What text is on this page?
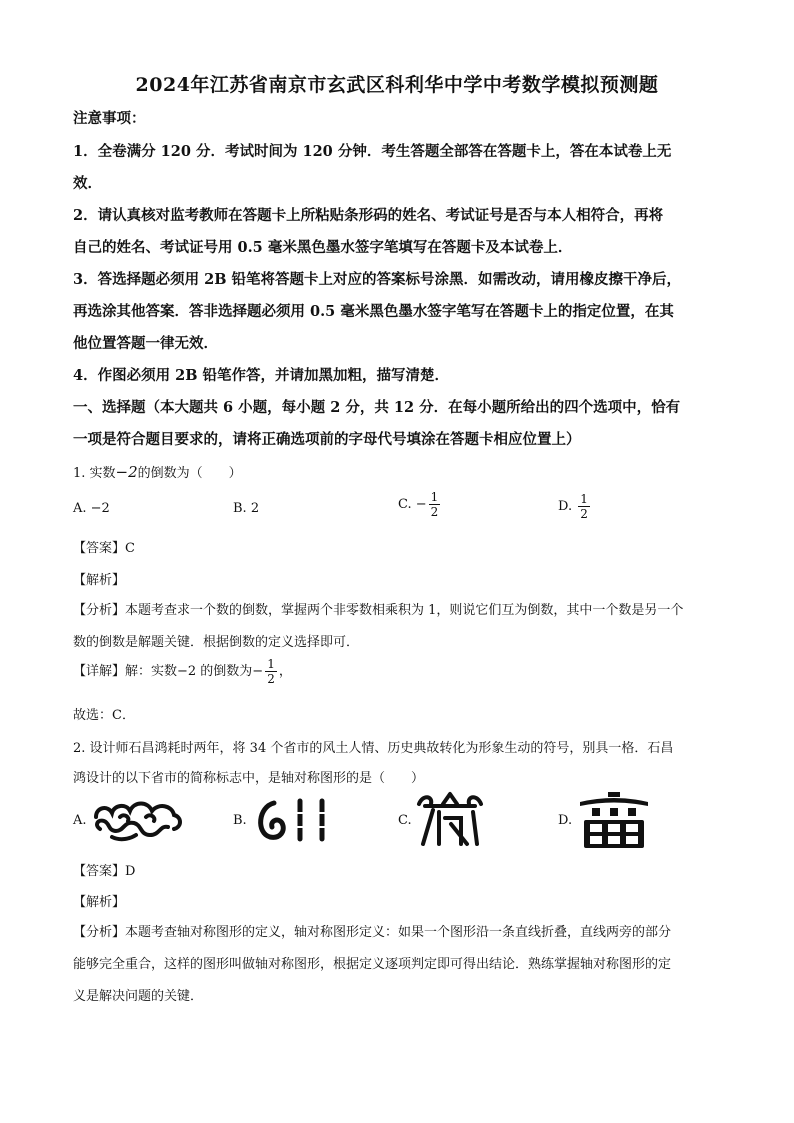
2024年江苏省南京市玄武区科利华中学中考数学模拟预测题
注意事项：
1．全卷满分 120 分．考试时间为 120 分钟．考生答题全部答在答题卡上，答在本试卷上无
效．
2．请认真核对监考教师在答题卡上所粘贴条形码的姓名、考试证号是否与本人相符合，再将
自己的姓名、考试证号用 0.5 毫米黑色墨水签字笔填写在答题卡及本试卷上．
3．答选择题必须用 2B 铅笔将答题卡上对应的答案标号涂黑．如需改动，请用橡皮擦干净后，
再选涂其他答案．答非选择题必须用 0.5 毫米黑色墨水签字笔写在答题卡上的指定位置，在其
他位置答题一律无效．
4．作图必须用 2B 铅笔作答，并请加黑加粗，描写清楚．
一、选择题（本大题共 6 小题，每小题 2 分，共 12 分．在每小题所给出的四个选项中，恰有
一项是符合题目要求的，请将正确选项前的字母代号填涂在答题卡相应位置上）
1. 实数−2的倒数为（　　）
A. −2	B. 2	C. − $\frac{1}{2}$	D. $\frac{1}{2}$
【答案】C
【解析】
【分析】本题考查求一个数的倒数，掌握两个非零数相乘积为 1，则说它们互为倒数，其中一个数是另一个
数的倒数是解题关键．根据倒数的定义选择即可．
【详解】解：实数−2 的倒数为− $\frac{1}{2}$ ，
故选：C．
2. 设计师石昌鸿耗时两年，将 34 个省市的风土人情、历史典故转化为形象生动的符号，别具一格．石昌
鸿设计的以下省市的简称标志中，是轴对称图形的是（　　）
A.	B.	C.	D.
【答案】D
【解析】
【分析】本题考查轴对称图形的定义，轴对称图形定义：如果一个图形沿一条直线折叠，直线两旁的部分
能够完全重合，这样的图形叫做轴对称图形，根据定义逐项判定即可得出结论．熟练掌握轴对称图形的定
义是解决问题的关键．
